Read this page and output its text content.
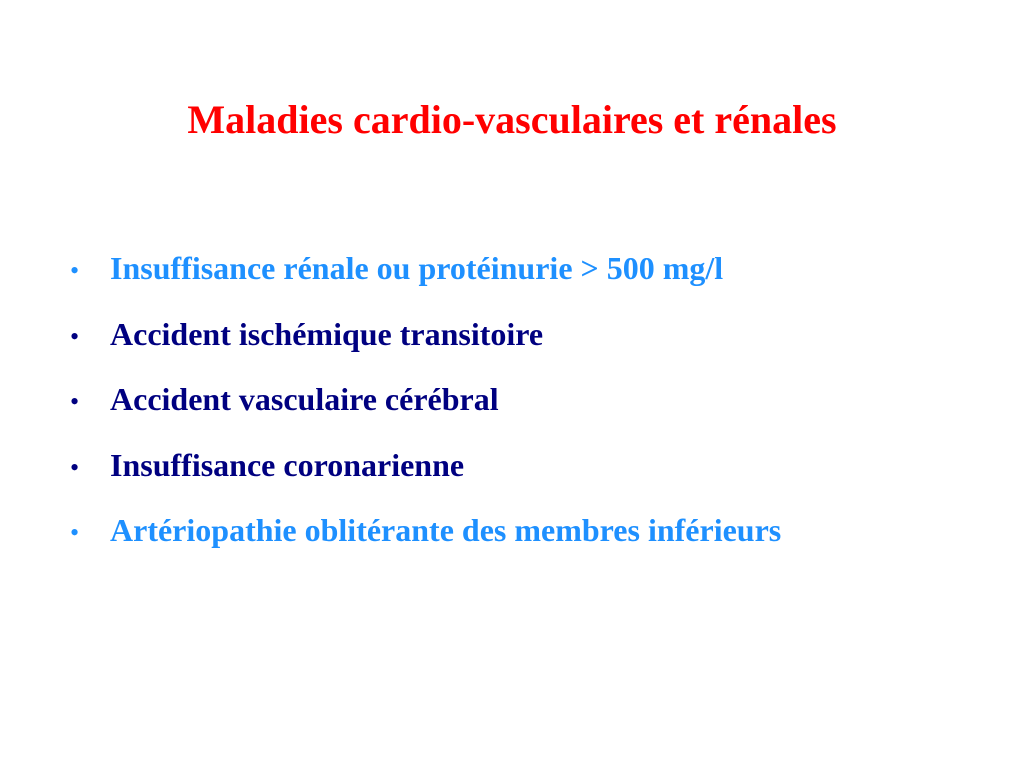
Maladies cardio-vasculaires et rénales
• Insuffisance rénale ou protéinurie > 500 mg/l
• Accident ischémique transitoire
• Accident vasculaire cérébral
• Insuffisance coronarienne
• Artériopathie oblitérante des membres inférieurs
